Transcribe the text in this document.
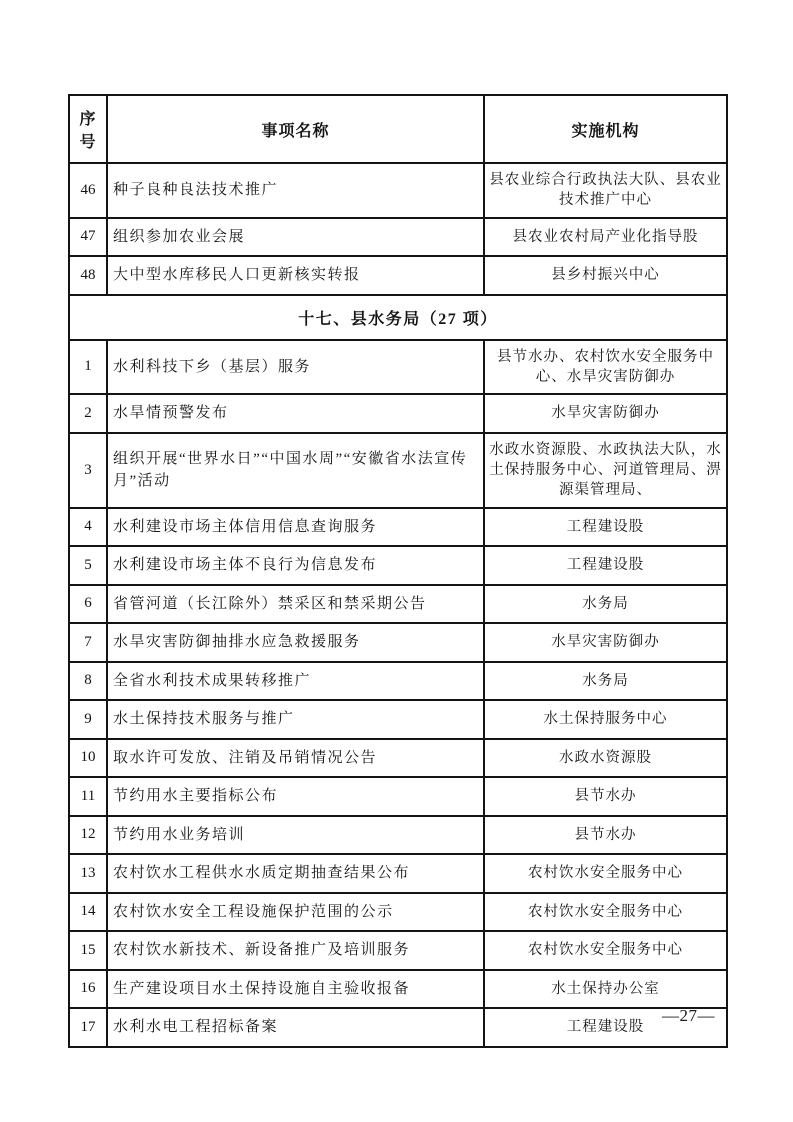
序号	事项名称	实施机构
46	种子良种良法技术推广	县农业综合行政执法大队、县农业技术推广中心
47	组织参加农业会展	县农业农村局产业化指导股
48	大中型水库移民人口更新核实转报	县乡村振兴中心
十七、县水务局（27 项）		
1	水利科技下乡（基层）服务	县节水办、农村饮水安全服务中心、水旱灾害防御办
2	水旱情预警发布	水旱灾害防御办
3	组织开展“世界水日”“中国水周”“安徽省水法宣传月”活动	水政水资源股、水政执法大队，水土保持服务中心、河道管理局、淠源渠管理局、
4	水利建设市场主体信用信息查询服务	工程建设股
5	水利建设市场主体不良行为信息发布	工程建设股
6	省管河道（长江除外）禁采区和禁采期公告	水务局
7	水旱灾害防御抽排水应急救援服务	水旱灾害防御办
8	全省水利技术成果转移推广	水务局
9	水土保持技术服务与推广	水土保持服务中心
10	取水许可发放、注销及吊销情况公告	水政水资源股
11	节约用水主要指标公布	县节水办
12	节约用水业务培训	县节水办
13	农村饮水工程供水水质定期抽查结果公布	农村饮水安全服务中心
14	农村饮水安全工程设施保护范围的公示	农村饮水安全服务中心
15	农村饮水新技术、新设备推广及培训服务	农村饮水安全服务中心
16	生产建设项目水土保持设施自主验收报备	水土保持办公室
17	水利水电工程招标备案	工程建设股
—27—
